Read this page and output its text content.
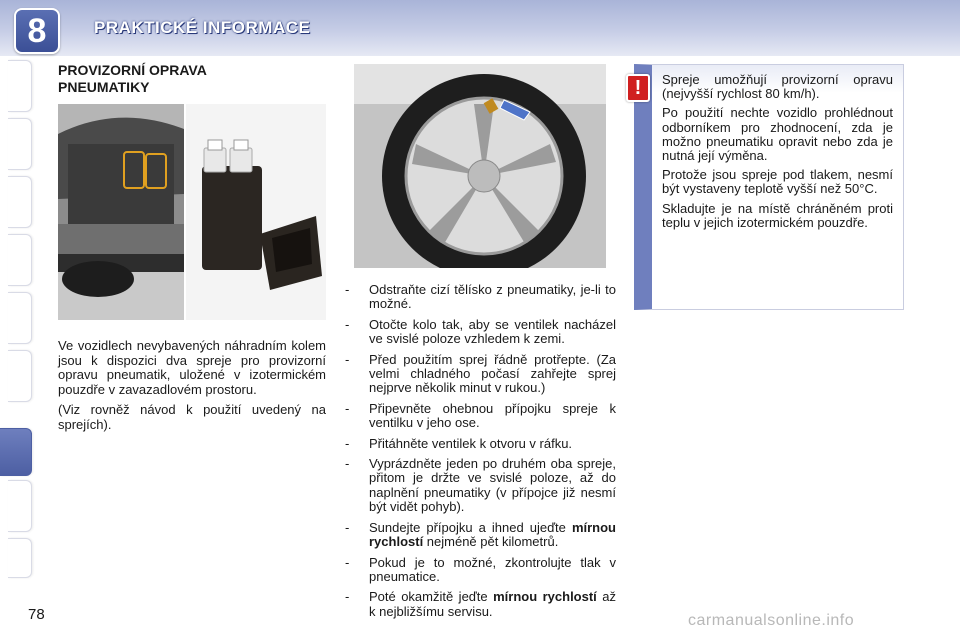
8	PRAKTICKÉ INFORMACE
PROVIZORNÍ OPRAVA
PNEUMATIKY

Ve vozidlech nevybavených náhradním kolem jsou k dispozici dva spreje pro provizorní opravu pneumatik, uložené v izotermickém pouzdře v zavazadlovém prostoru.

(Viz rovněž návod k použití uvedený na sprejích).

- Odstraňte cizí tělísko z pneumatiky, je-li to možné.
- Otočte kolo tak, aby se ventilek nacházel ve svislé poloze vzhledem k zemi.
- Před použitím sprej řádně protřepte. (Za velmi chladného počasí zahřejte sprej nejprve několik minut v rukou.)
- Připevněte ohebnou přípojku spreje k ventilku v jeho ose.
- Přitáhněte ventilek k otvoru v ráfku.
- Vyprázdněte jeden po druhém oba spreje, přitom je držte ve svislé poloze, až do naplnění pneumatiky (v přípojce již nesmí být vidět pohyb).
- Sundejte přípojku a ihned ujeďte mírnou rychlostí nejméně pět kilometrů.
- Pokud je to možné, zkontrolujte tlak v pneumatice.
- Poté okamžitě jeďte mírnou rychlostí až k nejbližšímu servisu.

Spreje umožňují provizorní opravu (nejvyšší rychlost 80 km/h).

Po použití nechte vozidlo prohlédnout odborníkem pro zhodnocení, zda je možno pneumatiku opravit nebo zda je nutná její výměna.

Protože jsou spreje pod tlakem, nesmí být vystaveny teplotě vyšší než 50°C.

Skladujte je na místě chráněném proti teplu v jejich izotermickém pouzdře.

!
78	carmanualsonline.info
